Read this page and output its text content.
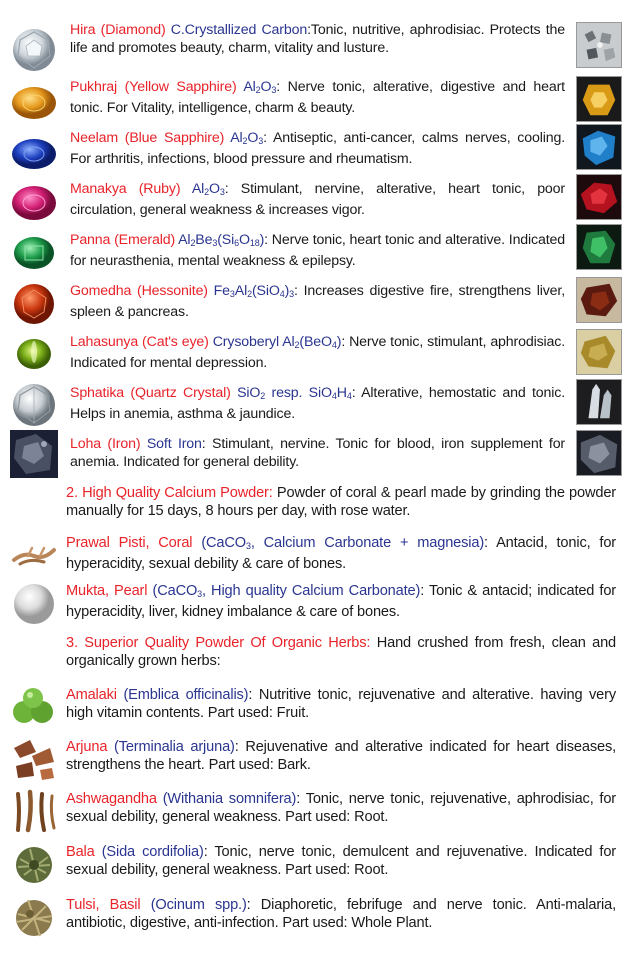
Hira (Diamond) C.Crystallized Carbon:Tonic, nutritive, aphrodisiac. Protects the life and promotes beauty, charm, vitality and lusture.
Pukhraj (Yellow Sapphire) $Al_2O_3$: Nerve tonic, alterative, digestive and heart tonic. For Vitality, intelligence, charm & beauty.
Neelam (Blue Sapphire) $Al_2O_3$: Antiseptic, anti-cancer, calms nerves, cooling. For arthritis, infections, blood pressure and rheumatism.
Manakya (Ruby) $Al_2O_3$: Stimulant, nervine, alterative, heart tonic, poor circulation, general weakness & increases vigor.
Panna (Emerald) $Al_2Be_3(Si_6O_{18})$: Nerve tonic, heart tonic and alterative. Indicated for neurasthenia, mental weakness & epilepsy.
Gomedha (Hessonite) $Fe_3Al_2(SiO_4)_3$: Increases digestive fire, strengthens liver, spleen & pancreas.
Lahasunya (Cat's eye) Crysoberyl $Al_2(BeO_4)$: Nerve tonic, stimulant, aphrodisiac. Indicated for mental depression.
Sphatika (Quartz Crystal) SiO$_2$ resp. $SiO_4H_4$: Alterative, hemostatic and tonic. Helps in anemia, asthma & jaundice.
Loha (Iron) Soft Iron: Stimulant, nervine. Tonic for blood, iron supplement for anemia. Indicated for general debility.
2. High Quality Calcium Powder: Powder of coral & pearl made by grinding the powder manually for 15 days, 8 hours per day, with rose water.
Prawal Pisti, Coral (CaCO$_3$, Calcium Carbonate + magnesia): Antacid, tonic, for hyperacidity, sexual debility & care of bones.
Mukta, Pearl (CaCO$_3$, High quality Calcium Carbonate): Tonic & antacid; indicated for hyperacidity, liver, kidney imbalance & care of bones.
3. Superior Quality Powder Of Organic Herbs: Hand crushed from fresh, clean and organically grown herbs:
Amalaki (Emblica officinalis): Nutritive tonic, rejuvenative and alterative. having very high vitamin contents. Part used: Fruit.
Arjuna (Terminalia arjuna): Rejuvenative and alterative indicated for heart diseases, strengthens the heart. Part used: Bark.
Ashwagandha (Withania somnifera): Tonic, nerve tonic, rejuvenative, aphrodisiac, for sexual debility, general weakness. Part used: Root.
Bala (Sida cordifolia): Tonic, nerve tonic, demulcent and rejuvenative. Indicated for sexual debility, general weakness. Part used: Root.
Tulsi, Basil (Ocinum spp.): Diaphoretic, febrifuge and nerve tonic. Anti-malaria, antibiotic, digestive, anti-infection. Part used: Whole Plant.
